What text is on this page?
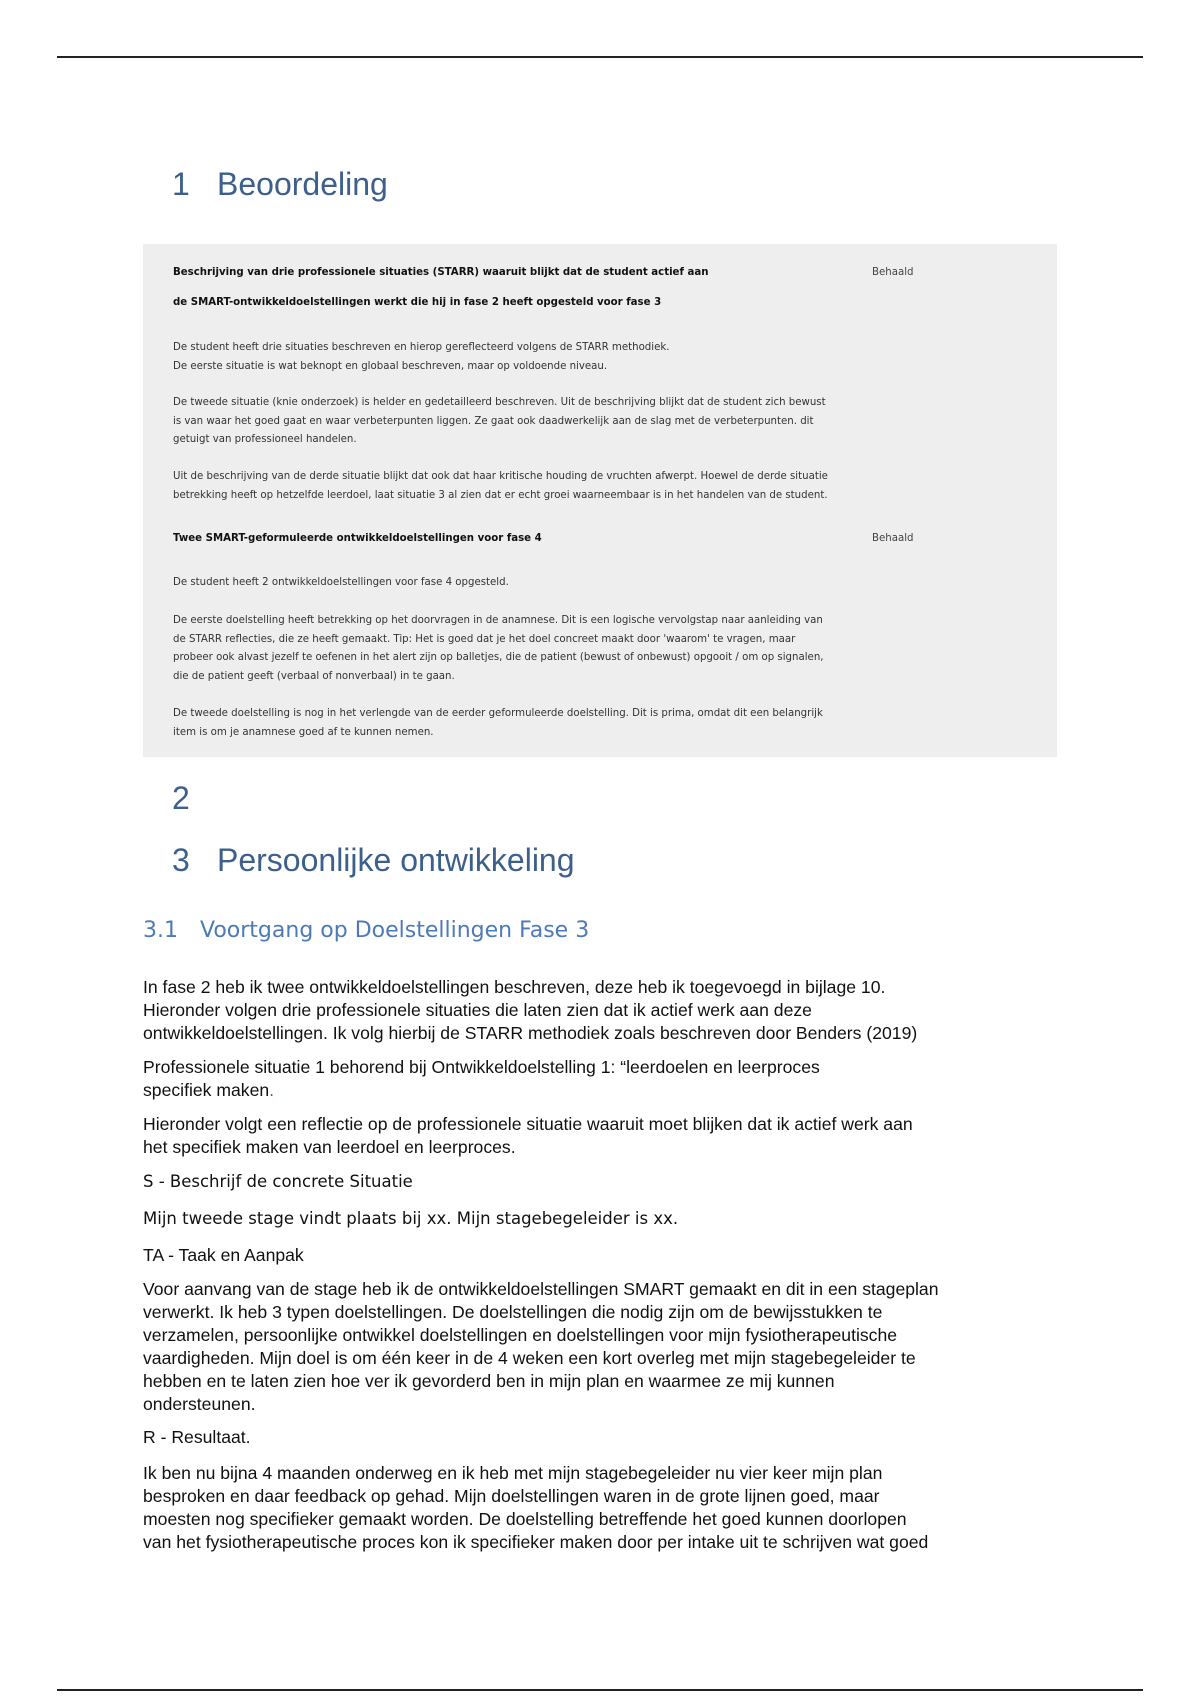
1 Beoordeling
Beschrijving van drie professionele situaties (STARR) waaruit blijkt dat de student actief aan	Behaald
de SMART-ontwikkeldoelstellingen werkt die hij in fase 2 heeft opgesteld voor fase 3

De student heeft drie situaties beschreven en hierop gereflecteerd volgens de STARR methodiek.

De eerste situatie is wat beknopt en globaal beschreven, maar op voldoende niveau.

De tweede situatie (knie onderzoek) is helder en gedetailleerd beschreven. Uit de beschrijving blijkt dat de student zich bewust

is van waar het goed gaat en waar verbeterpunten liggen. Ze gaat ook daadwerkelijk aan de slag met de verbeterpunten. dit

getuigt van professioneel handelen.

Uit de beschrijving van de derde situatie blijkt dat ook dat haar kritische houding de vruchten afwerpt. Hoewel de derde situatie

betrekking heeft op hetzelfde leerdoel, laat situatie 3 al zien dat er echt groei waarneembaar is in het handelen van de student.

Twee SMART-geformuleerde ontwikkeldoelstellingen voor fase 4	Behaald
De student heeft 2 ontwikkeldoelstellingen voor fase 4 opgesteld.

De eerste doelstelling heeft betrekking op het doorvragen in de anamnese. Dit is een logische vervolgstap naar aanleiding van

de STARR reflecties, die ze heeft gemaakt. Tip: Het is goed dat je het doel concreet maakt door 'waarom' te vragen, maar

probeer ook alvast jezelf te oefenen in het alert zijn op balletjes, die de patient (bewust of onbewust) opgooit / om op signalen,

die de patient geeft (verbaal of nonverbaal) in te gaan.

De tweede doelstelling is nog in het verlengde van de eerder geformuleerde doelstelling. Dit is prima, omdat dit een belangrijk

item is om je anamnese goed af te kunnen nemen.

2
3 Persoonlijke ontwikkeling
3.1 Voortgang op Doelstellingen Fase 3

In fase 2 heb ik twee ontwikkeldoelstellingen beschreven, deze heb ik toegevoegd in bijlage 10.

Hieronder volgen drie professionele situaties die laten zien dat ik actief werk aan deze

ontwikkeldoelstellingen. Ik volg hierbij de STARR methodiek zoals beschreven door Benders (2019)

Professionele situatie 1 behorend bij Ontwikkeldoelstelling 1: “leerdoelen en leerproces

specifiek maken.

Hieronder volgt een reflectie op de professionele situatie waaruit moet blijken dat ik actief werk aan

het specifiek maken van leerdoel en leerproces.

S - Beschrijf de concrete Situatie
Mijn tweede stage vindt plaats bij xx. Mijn stagebegeleider is xx.
TA - Taak en Aanpak

Voor aanvang van de stage heb ik de ontwikkeldoelstellingen SMART gemaakt en dit in een stageplan

verwerkt. Ik heb 3 typen doelstellingen. De doelstellingen die nodig zijn om de bewijsstukken te

verzamelen, persoonlijke ontwikkel doelstellingen en doelstellingen voor mijn fysiotherapeutische

vaardigheden. Mijn doel is om één keer in de 4 weken een kort overleg met mijn stagebegeleider te

hebben en te laten zien hoe ver ik gevorderd ben in mijn plan en waarmee ze mij kunnen

ondersteunen.

R - Resultaat.

Ik ben nu bijna 4 maanden onderweg en ik heb met mijn stagebegeleider nu vier keer mijn plan

besproken en daar feedback op gehad. Mijn doelstellingen waren in de grote lijnen goed, maar

moesten nog specifieker gemaakt worden. De doelstelling betreffende het goed kunnen doorlopen

van het fysiotherapeutische proces kon ik specifieker maken door per intake uit te schrijven wat goed
